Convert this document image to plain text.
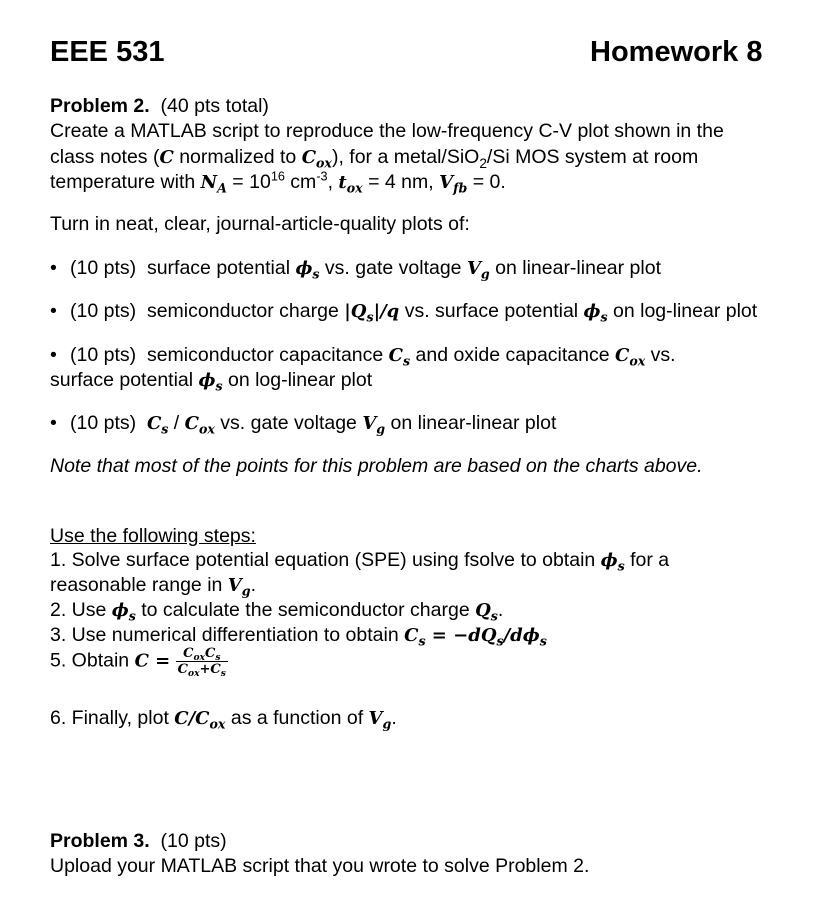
EEE 531	Homework 8
Problem 2. (40 pts total)
Create a MATLAB script to reproduce the low-frequency C-V plot shown in the
class notes (C normalized to $C_{ox}$), for a metal/SiO$_2$/Si MOS system at room
temperature with $N_A = 10^{16}$ $cm^{-3}$, $t_{ox} = 4$ nm, $V_{fb} = 0$.
Turn in neat, clear, journal-article-quality plots of:
• (10 pts) surface potential $\phi_s$ vs. gate voltage $V_g$ on linear-linear plot
• (10 pts) semiconductor charge $|Q_s|/q$ vs. surface potential $\phi_s$ on log-linear plot
• (10 pts) semiconductor capacitance $C_s$ and oxide capacitance $C_{ox}$ vs.
surface potential $\phi_s$ on log-linear plot
• (10 pts) $C_s / C_{ox}$ vs. gate voltage $V_g$ on linear-linear plot
Note that most of the points for this problem are based on the charts above.
Use the following steps:
1. Solve surface potential equation (SPE) using fsolve to obtain $\phi_s$ for a
reasonable range in $V_g$.
2. Use $\phi_s$ to calculate the semiconductor charge $Q_s$.
3. Use numerical differentiation to obtain $C_s = -dQ_s/d\phi_s$
5. Obtain $C = \frac{C_{ox}C_s}{C_{ox}+C_s}$
6. Finally, plot $C/C_{ox}$ as a function of $V_g$.
Problem 3. (10 pts)
Upload your MATLAB script that you wrote to solve Problem 2.
